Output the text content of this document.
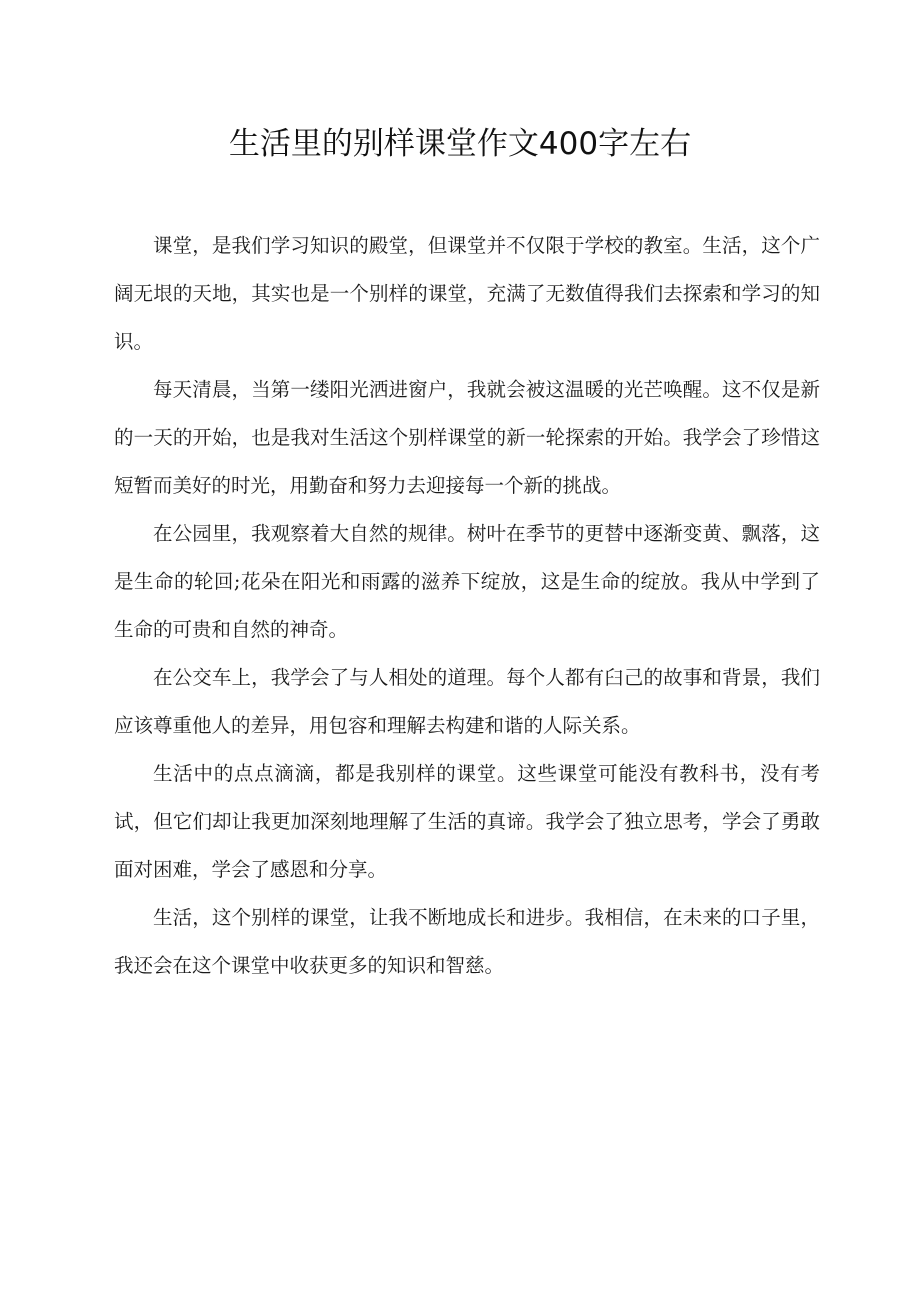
生活里的别样课堂作文400字左右

课堂，是我们学习知识的殿堂，但课堂并不仅限于学校的教室。生活，这个广阔无垠的天地，其实也是一个别样的课堂，充满了无数值得我们去探索和学习的知识。

每天清晨，当第一缕阳光洒进窗户，我就会被这温暖的光芒唤醒。这不仅是新的一天的开始，也是我对生活这个别样课堂的新一轮探索的开始。我学会了珍惜这短暂而美好的时光，用勤奋和努力去迎接每一个新的挑战。

在公园里，我观察着大自然的规律。树叶在季节的更替中逐渐变黄、飘落，这是生命的轮回;花朵在阳光和雨露的滋养下绽放，这是生命的绽放。我从中学到了生命的可贵和自然的神奇。

在公交车上，我学会了与人相处的道理。每个人都有臼己的故事和背景，我们应该尊重他人的差异，用包容和理解去构建和谐的人际关系。

生活中的点点滴滴，都是我别样的课堂。这些课堂可能没有教科书，没有考试，但它们却让我更加深刻地理解了生活的真谛。我学会了独立思考，学会了勇敢面对困难，学会了感恩和分享。

生活，这个别样的课堂，让我不断地成长和进步。我相信，在未来的口子里，我还会在这个课堂中收获更多的知识和智慈。
